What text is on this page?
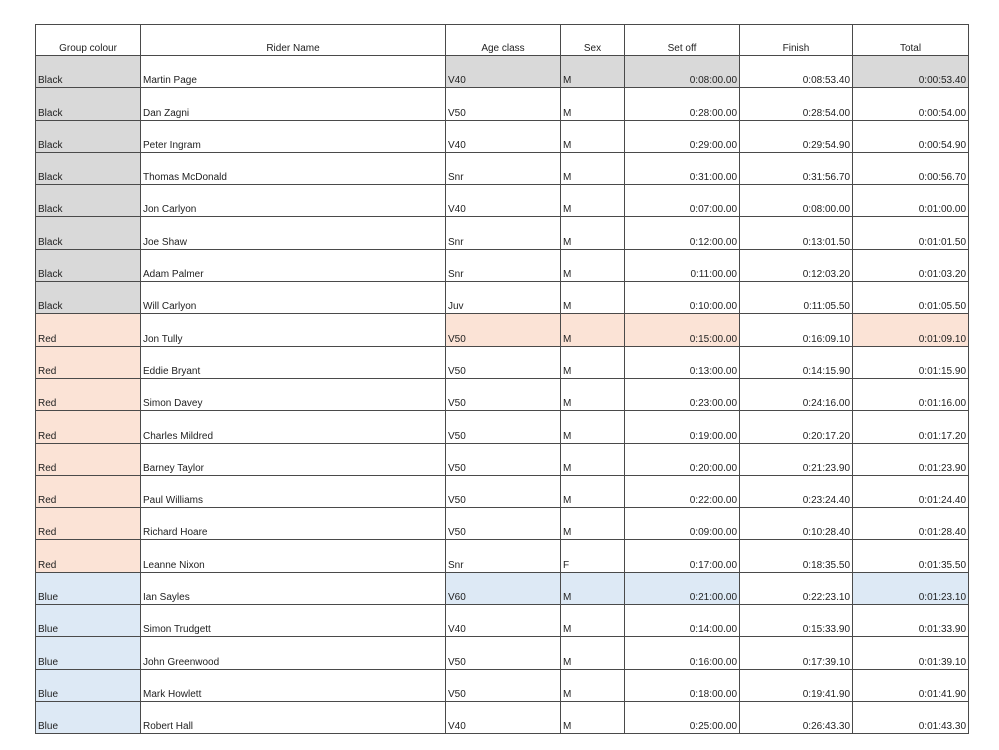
Group colour	Rider Name	Age class	Sex	Set off	Finish	Total
Black	Martin Page	V40	M	0:08:00.00	0:08:53.40	0:00:53.40
Black	Dan Zagni	V50	M	0:28:00.00	0:28:54.00	0:00:54.00
Black	Peter Ingram	V40	M	0:29:00.00	0:29:54.90	0:00:54.90
Black	Thomas McDonald	Snr	M	0:31:00.00	0:31:56.70	0:00:56.70
Black	Jon Carlyon	V40	M	0:07:00.00	0:08:00.00	0:01:00.00
Black	Joe Shaw	Snr	M	0:12:00.00	0:13:01.50	0:01:01.50
Black	Adam Palmer	Snr	M	0:11:00.00	0:12:03.20	0:01:03.20
Black	Will Carlyon	Juv	M	0:10:00.00	0:11:05.50	0:01:05.50
Red	Jon Tully	V50	M	0:15:00.00	0:16:09.10	0:01:09.10
Red	Eddie Bryant	V50	M	0:13:00.00	0:14:15.90	0:01:15.90
Red	Simon Davey	V50	M	0:23:00.00	0:24:16.00	0:01:16.00
Red	Charles Mildred	V50	M	0:19:00.00	0:20:17.20	0:01:17.20
Red	Barney Taylor	V50	M	0:20:00.00	0:21:23.90	0:01:23.90
Red	Paul Williams	V50	M	0:22:00.00	0:23:24.40	0:01:24.40
Red	Richard Hoare	V50	M	0:09:00.00	0:10:28.40	0:01:28.40
Red	Leanne Nixon	Snr	F	0:17:00.00	0:18:35.50	0:01:35.50
Blue	Ian Sayles	V60	M	0:21:00.00	0:22:23.10	0:01:23.10
Blue	Simon Trudgett	V40	M	0:14:00.00	0:15:33.90	0:01:33.90
Blue	John Greenwood	V50	M	0:16:00.00	0:17:39.10	0:01:39.10
Blue	Mark Howlett	V50	M	0:18:00.00	0:19:41.90	0:01:41.90
Blue	Robert Hall	V40	M	0:25:00.00	0:26:43.30	0:01:43.30
